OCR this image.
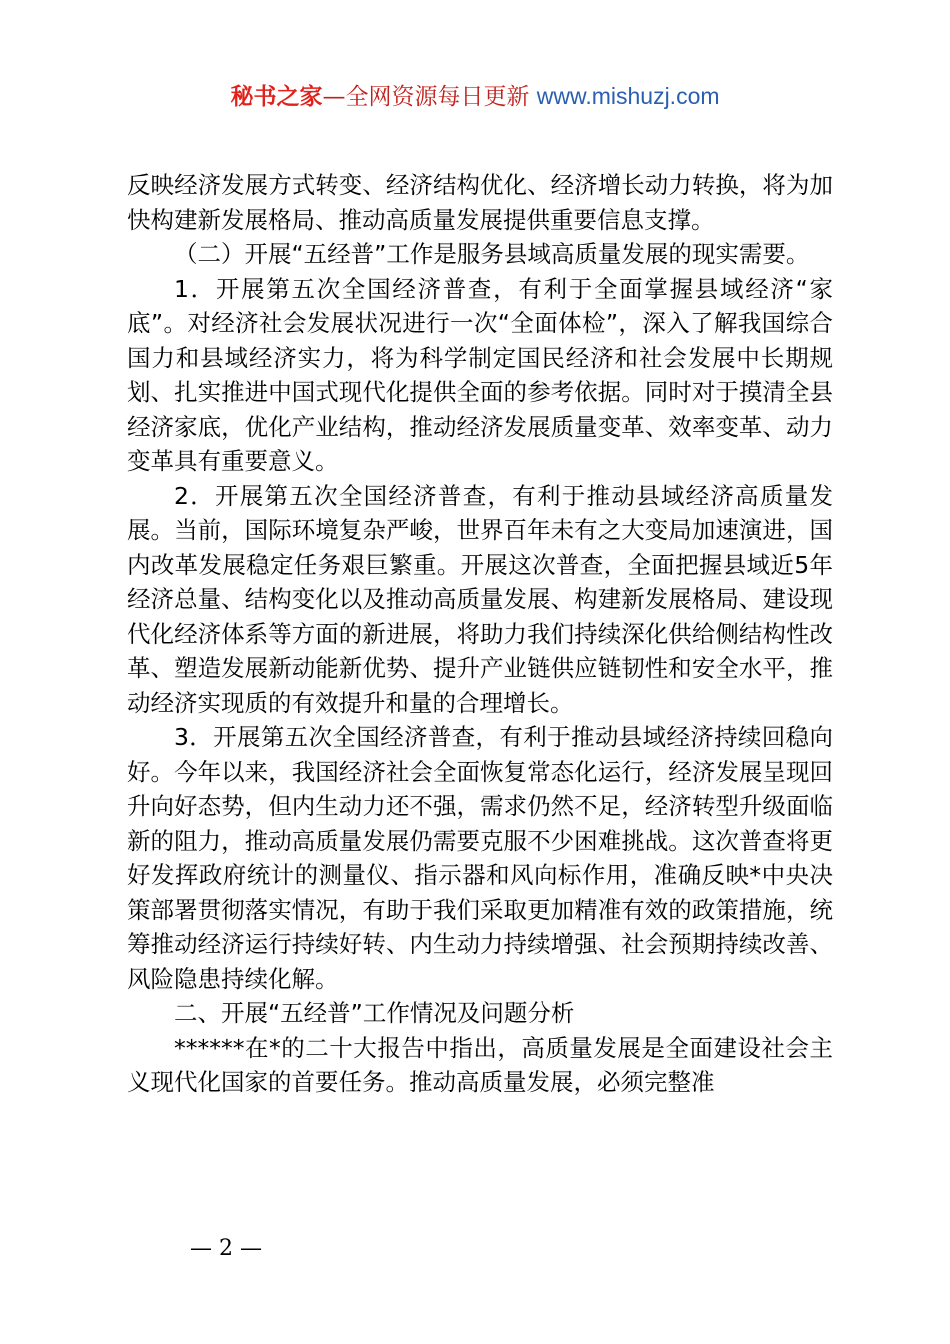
秘书之家—全网资源每日更新 www.mishuzj.com

反映经济发展方式转变、经济结构优化、经济增长动力转换，将为加快构建新发展格局、推动高质量发展提供重要信息支撑。

（二）开展“五经普”工作是服务县域高质量发展的现实需要。

1．开展第五次全国经济普查，有利于全面掌握县域经济“家底”。对经济社会发展状况进行一次“全面体检”，深入了解我国综合国力和县域经济实力，将为科学制定国民经济和社会发展中长期规划、扎实推进中国式现代化提供全面的参考依据。同时对于摸清全县经济家底，优化产业结构，推动经济发展质量变革、效率变革、动力变革具有重要意义。

2．开展第五次全国经济普查，有利于推动县域经济高质量发展。当前，国际环境复杂严峻，世界百年未有之大变局加速演进，国内改革发展稳定任务艰巨繁重。开展这次普查，全面把握县域近5年经济总量、结构变化以及推动高质量发展、构建新发展格局、建设现代化经济体系等方面的新进展，将助力我们持续深化供给侧结构性改革、塑造发展新动能新优势、提升产业链供应链韧性和安全水平，推动经济实现质的有效提升和量的合理增长。

3．开展第五次全国经济普查，有利于推动县域经济持续回稳向好。今年以来，我国经济社会全面恢复常态化运行，经济发展呈现回升向好态势，但内生动力还不强，需求仍然不足，经济转型升级面临新的阻力，推动高质量发展仍需要克服不少困难挑战。这次普查将更好发挥政府统计的测量仪、指示器和风向标作用，准确反映*中央决策部署贯彻落实情况，有助于我们采取更加精准有效的政策措施，统筹推动经济运行持续好转、内生动力持续增强、社会预期持续改善、风险隐患持续化解。

二、开展“五经普”工作情况及问题分析

******在*的二十大报告中指出，高质量发展是全面建设社会主义现代化国家的首要任务。推动高质量发展，必须完整准

— 2 —
